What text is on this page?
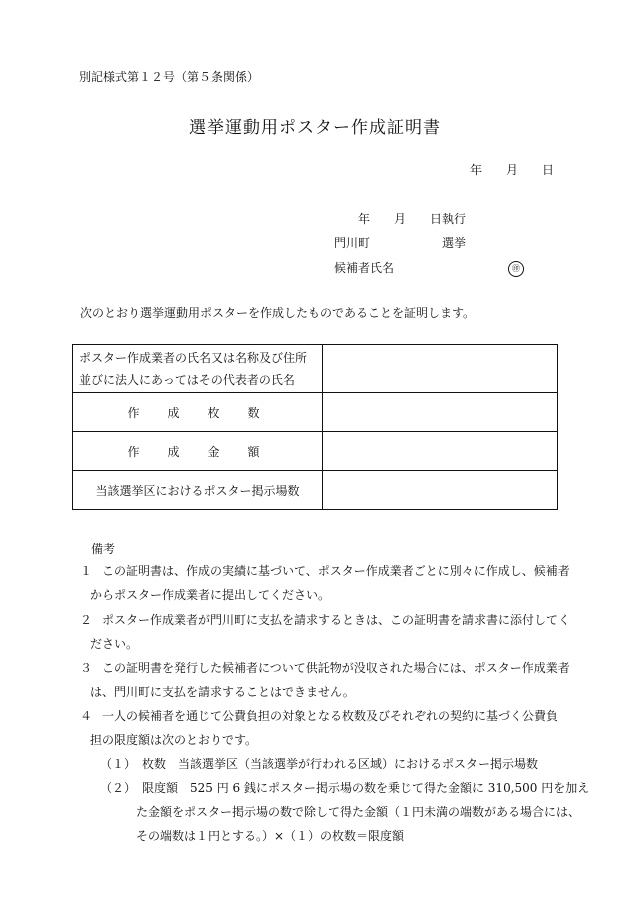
別記様式第１２号（第５条関係）
選挙運動用ポスター作成証明書
年 月 日
年 月 日執行
門川町	選挙
候補者氏名	㊞
次のとおり選挙運動用ポスターを作成したものであることを証明します。
ポスター作成業者の氏名又は名称及び住所
並びに法人にあってはその代表者の氏名	

作　成　枚　数	
作　成　金　額	
当該選挙区におけるポスター掲示場数	
備考
１
　この証明書は、作成の実績に基づいて、ポスター作成業者ごとに別々に作成し、候補者
からポスター作成業者に提出してください。
２
　ポスター作成業者が門川町に支払を請求するときは、この証明書を請求書に添付してく
ださい。
３
　この証明書を発行した候補者について供託物が没収された場合には、ポスター作成業者
は、門川町に支払を請求することはできません。
４
　一人の候補者を通じて公費負担の対象となる枚数及びそれぞれの契約に基づく公費負
担の限度額は次のとおりです。
（１）　枚数　当該選挙区（当該選挙が行われる区域）におけるポスター掲示場数
（２）　限度額　525 円 6 銭にポスター掲示場の数を乗じて得た金額に 310,500 円を加え
た金額をポスター掲示場の数で除して得た金額（１円未満の端数がある場合には、
その端数は１円とする。）×（１）の枚数＝限度額
